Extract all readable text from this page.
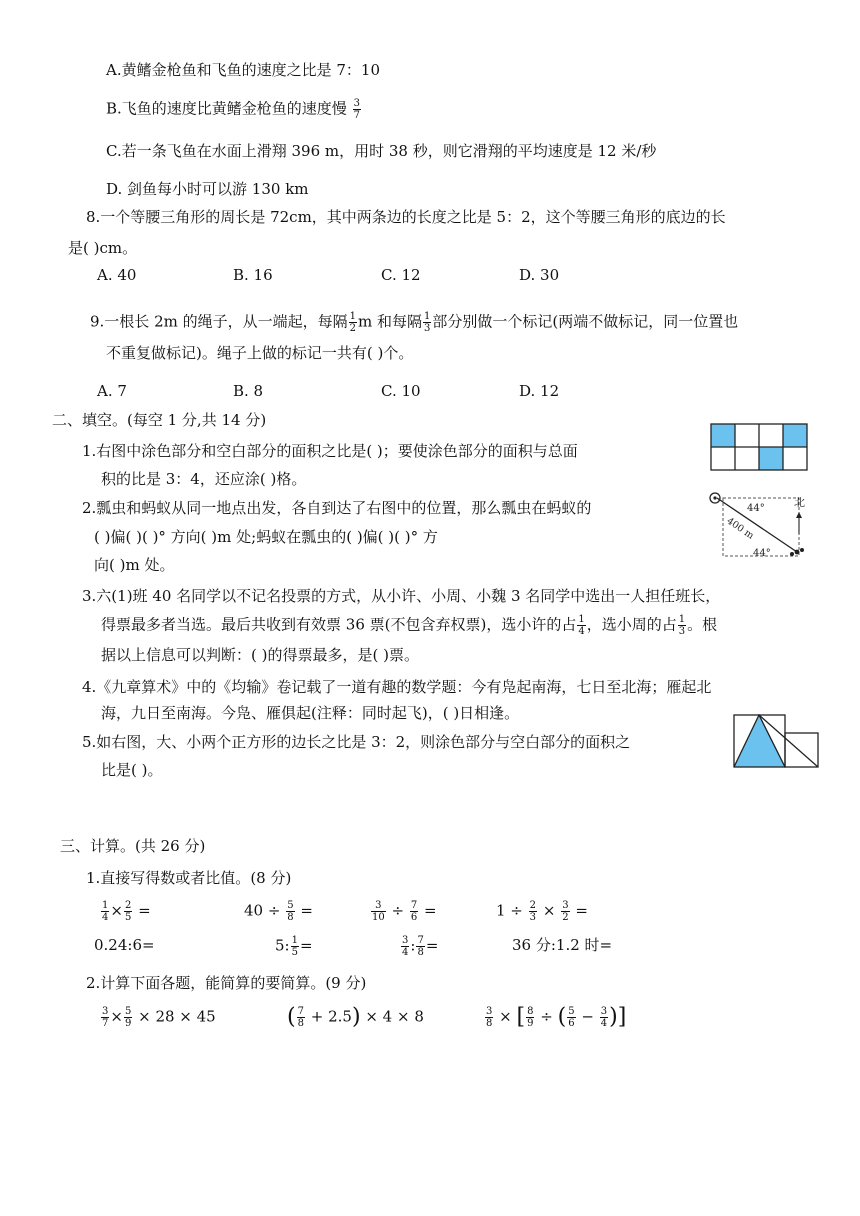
A.黄鳍金枪鱼和飞鱼的速度之比是 7：10
B.飞鱼的速度比黄鳍金枪鱼的速度慢 $\frac{3}{7}$
C.若一条飞鱼在水面上滑翔 396 m，用时 38 秒，则它滑翔的平均速度是 12 米/秒
D. 剑鱼每小时可以游 130 km
8.一个等腰三角形的周长是 72cm，其中两条边的长度之比是 5：2，这个等腰三角形的底边的长
是( )cm。
A. 40	B. 16	C. 12	D. 30
9.一根长 2m 的绳子，从一端起，每隔 $\frac{1}{2}$ m 和每隔 $\frac{1}{3}$ 部分别做一个标记(两端不做标记，同一位置也
不重复做标记)。绳子上做的标记一共有( )个。
A. 7	B. 8	C. 10	D. 12
二、填空。(每空 1 分,共 14 分)
1.右图中涂色部分和空白部分的面积之比是( )；要使涂色部分的面积与总面
积的比是 3：4，还应涂( )格。
2.瓢虫和蚂蚁从同一地点出发，各自到达了右图中的位置，那么瓢虫在蚂蚁的
( )偏( )( )° 方向( )m 处;蚂蚁在瓢虫的( )偏( )( )° 方
向( )m 处。
北
400 m
44°
44°
3.六(1)班 40 名同学以不记名投票的方式，从小许、小周、小魏 3 名同学中选出一人担任班长，
得票最多者当选。最后共收到有效票 36 票(不包含弃权票)，选小许的占 $\frac{1}{4}$ ，选小周的占 $\frac{1}{3}$ 。根
据以上信息可以判断：( )的得票最多，是( )票。
4.《九章算术》中的《均输》卷记载了一道有趣的数学题：今有凫起南海，七日至北海；雁起北
海，九日至南海。今凫、雁俱起(注释：同时起飞)，( )日相逢。
5.如右图，大、小两个正方形的边长之比是 3：2，则涂色部分与空白部分的面积之
比是( )。
三、计算。(共 26 分)
1.直接写得数或者比值。(8 分)
$\frac{1}{4} \times \frac{2}{5}$ =	$40 \div \frac{5}{8}$ =	$\frac{3}{10} \div \frac{7}{6}$ =	$1 \div \frac{2}{3} \times \frac{3}{2}$ =
0.24:6=	5: $\frac{1}{5}$ =	$\frac{3}{4}$ : $\frac{7}{8}$ =	36 分:1.2 时=
2.计算下面各题，能简算的要简算。(9 分)
$\frac{3}{7} \times \frac{5}{9} \times 28 \times 45$	( $\frac{7}{8} + 2.5) \times 4 \times 8$	$\frac{3}{8}$ × [ $\frac{8}{9}$ ÷ ( $\frac{5}{6} - \frac{3}{4}$ )]
